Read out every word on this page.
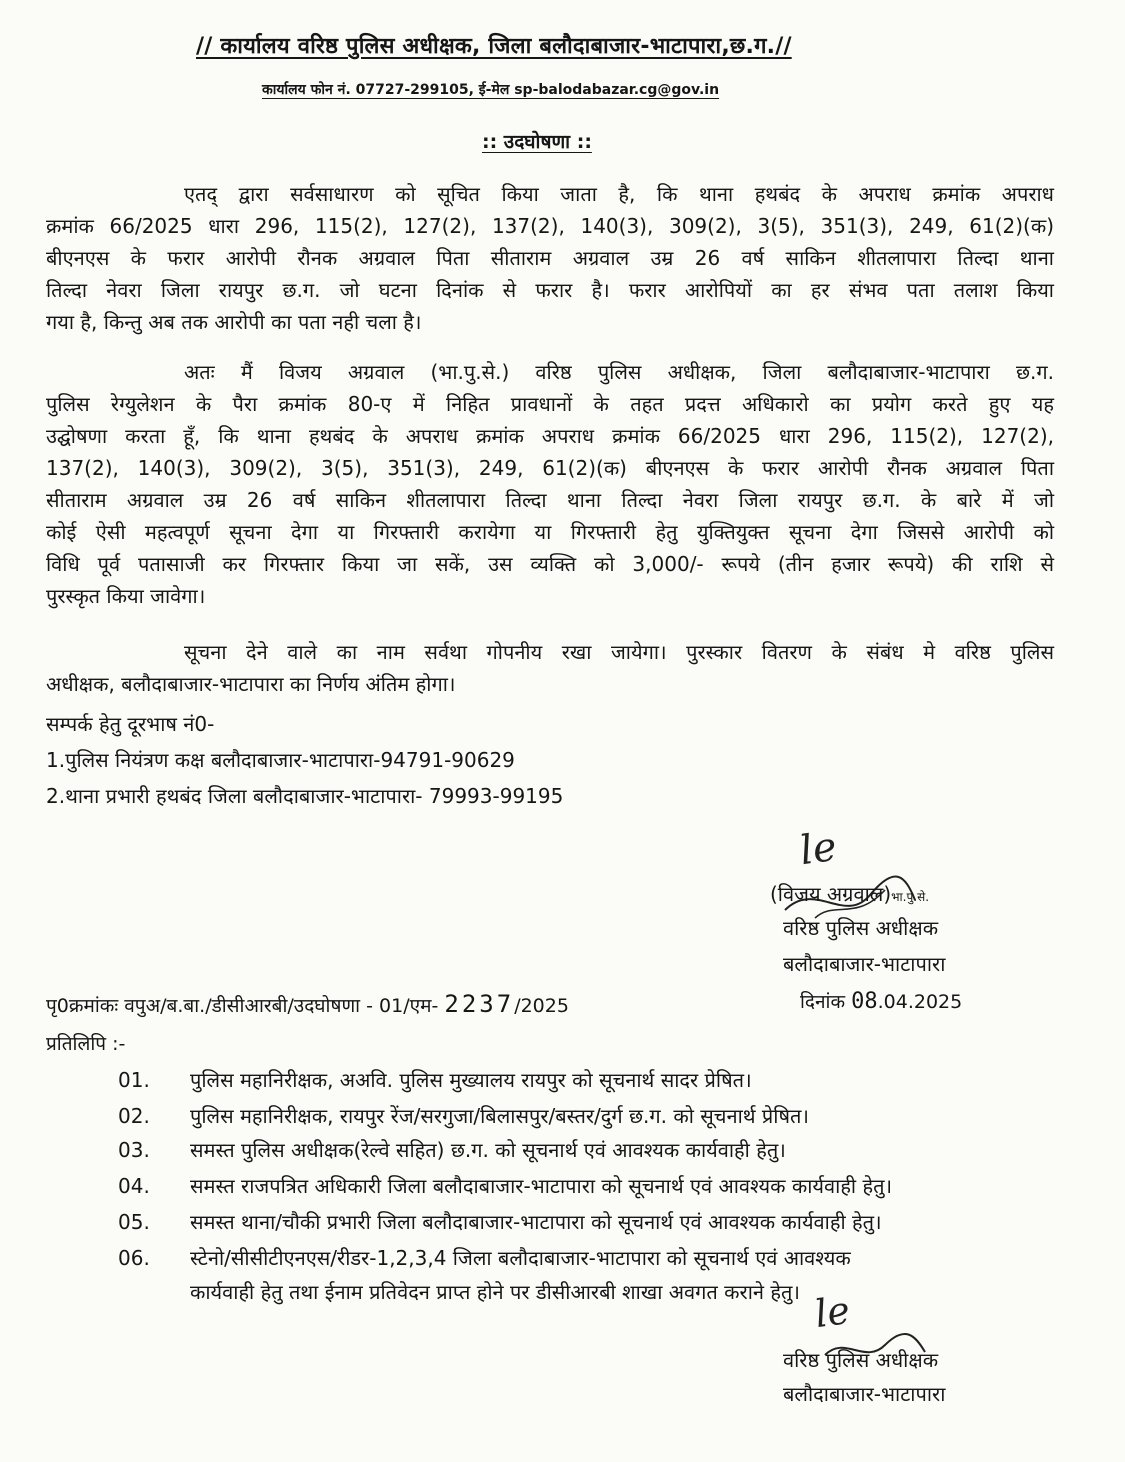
// कार्यालय वरिष्ठ पुलिस अधीक्षक, जिला बलौदाबाजार-भाटापारा,छ.ग.//
कार्यालय फोन नं. 07727-299105, ई-मेल sp-balodabazar.cg@gov.in
:: उदघोषणा ::
एतद् द्वारा सर्वसाधारण को सूचित किया जाता है, कि थाना हथबंद के अपराध क्रमांक अपराध
क्रमांक 66/2025 धारा 296, 115(2), 127(2), 137(2), 140(3), 309(2), 3(5), 351(3), 249, 61(2)(क)
बीएनएस के फरार आरोपी रौनक अग्रवाल पिता सीताराम अग्रवाल उम्र 26 वर्ष साकिन शीतलापारा तिल्दा थाना
तिल्दा नेवरा जिला रायपुर छ.ग. जो घटना दिनांक से फरार है। फरार आरोपियों का हर संभव पता तलाश किया
गया है, किन्तु अब तक आरोपी का पता नही चला है।
अतः मैं विजय अग्रवाल (भा.पु.से.) वरिष्ठ पुलिस अधीक्षक, जिला बलौदाबाजार-भाटापारा छ.ग.
पुलिस रेग्युलेशन के पैरा क्रमांक 80-ए में निहित प्रावधानों के तहत प्रदत्त अधिकारो का प्रयोग करते हुए यह
उद्घोषणा करता हूँ, कि थाना हथबंद के अपराध क्रमांक अपराध क्रमांक 66/2025 धारा 296, 115(2), 127(2),
137(2), 140(3), 309(2), 3(5), 351(3), 249, 61(2)(क) बीएनएस के फरार आरोपी रौनक अग्रवाल पिता
सीताराम अग्रवाल उम्र 26 वर्ष साकिन शीतलापारा तिल्दा थाना तिल्दा नेवरा जिला रायपुर छ.ग. के बारे में जो
कोई ऐसी महत्वपूर्ण सूचना देगा या गिरफ्तारी करायेगा या गिरफ्तारी हेतु युक्तियुक्त सूचना देगा जिससे आरोपी को
विधि पूर्व पतासाजी कर गिरफ्तार किया जा सकें, उस व्यक्ति को 3,000/- रूपये (तीन हजार रूपये) की राशि से
पुरस्कृत किया जावेगा।
सूचना देने वाले का नाम सर्वथा गोपनीय रखा जायेगा। पुरस्कार वितरण के संबंध मे वरिष्ठ पुलिस
अधीक्षक, बलौदाबाजार-भाटापारा का निर्णय अंतिम होगा।
सम्पर्क हेतु दूरभाष नं0-
1.पुलिस नियंत्रण कक्ष बलौदाबाजार-भाटापारा-94791-90629
2.थाना प्रभारी हथबंद जिला बलौदाबाजार-भाटापारा- 79993-99195
le
(विजय अग्रवाल)भा.पु.से.
वरिष्ठ पुलिस अधीक्षक
बलौदाबाजार-भाटापारा
पृ0क्रमांकः वपुअ/ब.बा./डीसीआरबी/उदघोषणा - 01/एम- 2237/2025	दिनांक 08.04.2025
प्रतिलिपि :-
01. पुलिस महानिरीक्षक, अअवि. पुलिस मुख्यालय रायपुर को सूचनार्थ सादर प्रेषित।
02. पुलिस महानिरीक्षक, रायपुर रेंज/सरगुजा/बिलासपुर/बस्तर/दुर्ग छ.ग. को सूचनार्थ प्रेषित।
03. समस्त पुलिस अधीक्षक(रेल्वे सहित) छ.ग. को सूचनार्थ एवं आवश्यक कार्यवाही हेतु।
04. समस्त राजपत्रित अधिकारी जिला बलौदाबाजार-भाटापारा को सूचनार्थ एवं आवश्यक कार्यवाही हेतु।
05. समस्त थाना/चौकी प्रभारी जिला बलौदाबाजार-भाटापारा को सूचनार्थ एवं आवश्यक कार्यवाही हेतु।
06. स्टेनो/सीसीटीएनएस/रीडर-1,2,3,4 जिला बलौदाबाजार-भाटापारा को सूचनार्थ एवं आवश्यक
कार्यवाही हेतु तथा ईनाम प्रतिवेदन प्राप्त होने पर डीसीआरबी शाखा अवगत कराने हेतु। le
वरिष्ठ पुलिस अधीक्षक
बलौदाबाजार-भाटापारा
